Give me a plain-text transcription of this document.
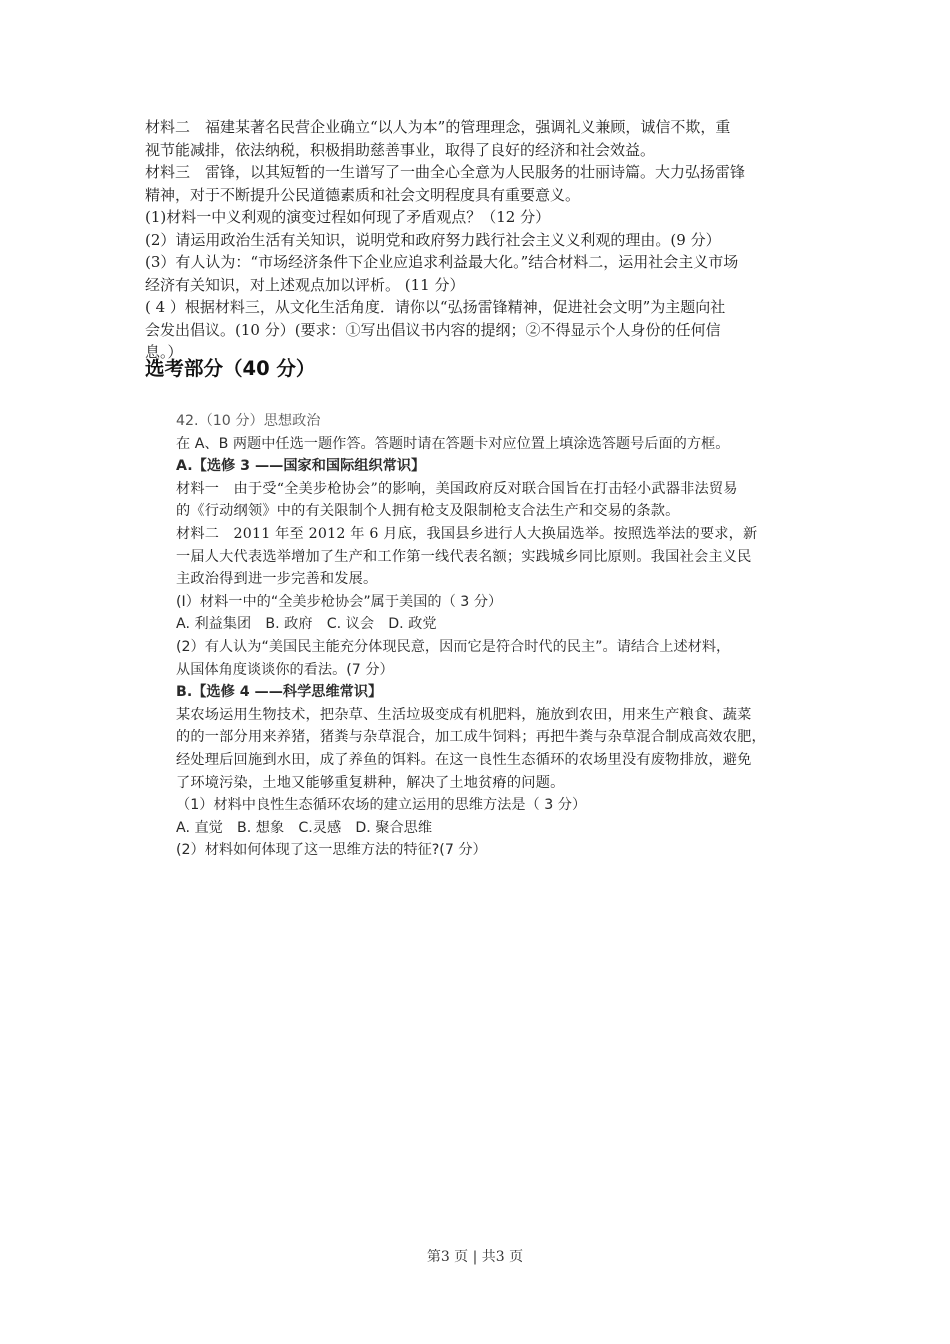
材料二　福建某著名民营企业确立“以人为本”的管理理念，强调礼义兼顾，诚信不欺，重

视节能减排，依法纳税，积极捐助慈善事业，取得了良好的经济和社会效益。

材料三　雷锋，以其短暂的一生谱写了一曲全心全意为人民服务的壮丽诗篇。大力弘扬雷锋

精神，对于不断提升公民道德素质和社会文明程度具有重要意义。

(1)材料一中义利观的演变过程如何现了矛盾观点？（12 分）

(2）请运用政治生活有关知识，说明党和政府努力践行社会主义义利观的理由。(9 分）

(3）有人认为：“市场经济条件下企业应追求利益最大化。”结合材料二，运用社会主义市场

经济有关知识，对上述观点加以评析。 (11 分）

( 4 ）根据材料三，从文化生活角度．请你以“弘扬雷锋精神，促进社会文明”为主题向社

会发出倡议。(10 分）(要求：①写出倡议书内容的提纲；②不得显示个人身份的任何信

息。）

选考部分（40 分）

42.（10 分）思想政治

在 A、B 两题中任选一题作答。答题时请在答题卡对应位置上填涂选答题号后面的方框。

A.【选修 3 ——国家和国际组织常识】

材料一　由于受“全美步枪协会”的影响，美国政府反对联合国旨在打击轻小武器非法贸易

的《行动纲领》中的有关限制个人拥有枪支及限制枪支合法生产和交易的条款。

材料二　2011 年至 2012 年 6 月底，我国县乡进行人大换届选举。按照选举法的要求，新

一届人大代表选举增加了生产和工作第一线代表名额；实践城乡同比原则。我国社会主义民

主政治得到进一步完善和发展。

(I）材料一中的“全美步枪协会”属于美国的（ 3 分）

A. 利益集团　B. 政府　C. 议会　D. 政党

(2）有人认为“美国民主能充分体现民意，因而它是符合时代的民主”。请结合上述材料，

从国体角度谈谈你的看法。(7 分）

B.【选修 4 ——科学思维常识】

某农场运用生物技术，把杂草、生活垃圾变成有机肥料，施放到农田，用来生产粮食、蔬菜

的的一部分用来养猪，猪粪与杂草混合，加工成牛饲料；再把牛粪与杂草混合制成高效农肥，

经处理后回施到水田，成了养鱼的饵料。在这一良性生态循环的农场里没有废物排放，避免

了环境污染，土地又能够重复耕种，解决了土地贫瘠的问题。

（1）材料中良性生态循环农场的建立运用的思维方法是（ 3 分）

A. 直觉　B. 想象　C.灵感　D. 聚合思维

(2）材料如何体现了这一思维方法的特征?(7 分）

第3 页 | 共3 页
